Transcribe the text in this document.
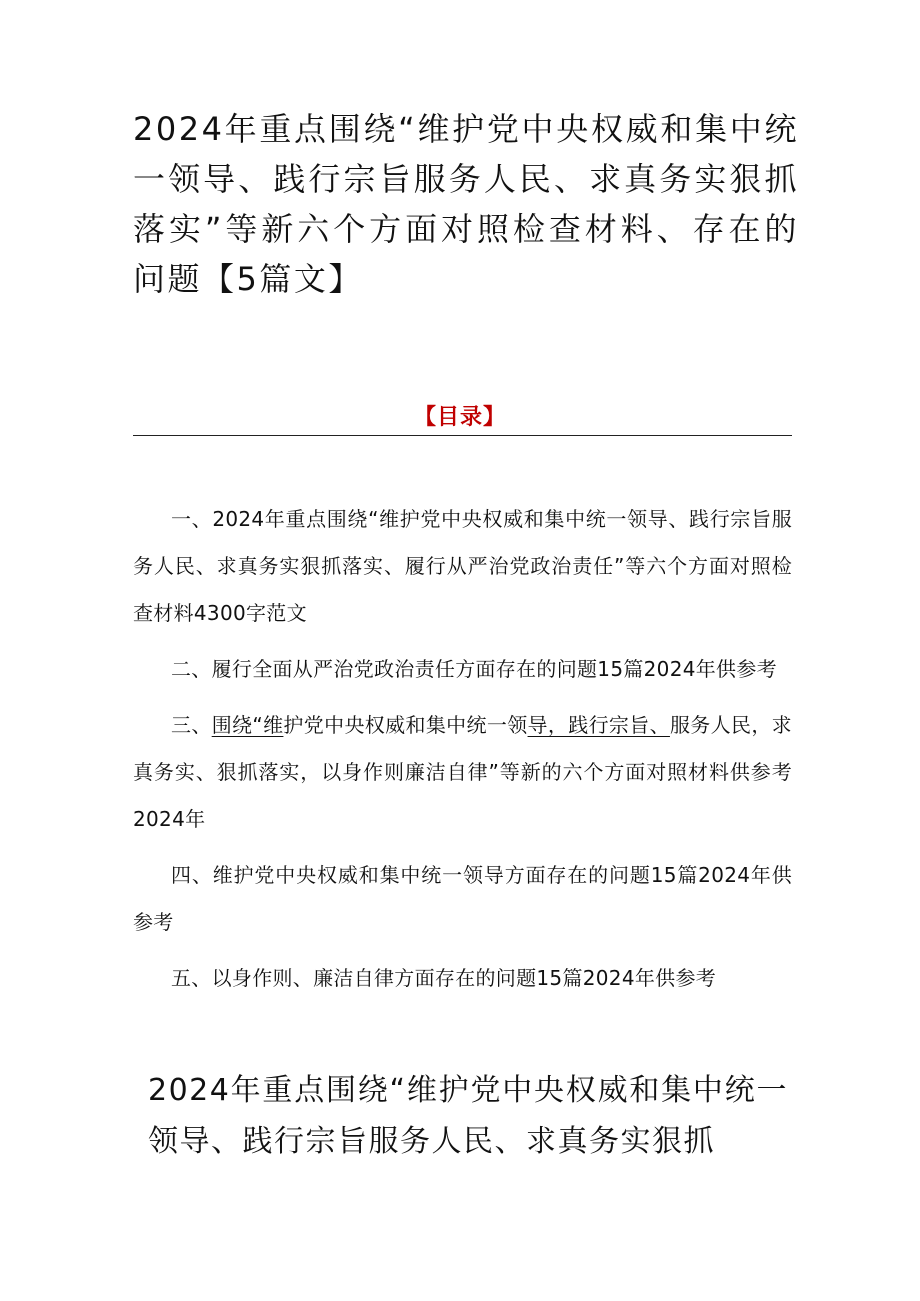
2024年重点围绕“维护党中央权威和集中统一领导、践行宗旨服务人民、求真务实狠抓落实”等新六个方面对照检查材料、存在的问题【5篇文】
【目录】
一、2024年重点围绕“维护党中央权威和集中统一领导、践行宗旨服务人民、求真务实狠抓落实、履行从严治党政治责任”等六个方面对照检查材料4300字范文
二、履行全面从严治党政治责任方面存在的问题15篇2024年供参考
三、围绕“维护党中央权威和集中统一领导，践行宗旨、服务人民，求真务实、狠抓落实，以身作则廉洁自律”等新的六个方面对照材料供参考2024年
四、维护党中央权威和集中统一领导方面存在的问题15篇2024年供参考
五、以身作则、廉洁自律方面存在的问题15篇2024年供参考
2024年重点围绕“维护党中央权威和集中统一领导、践行宗旨服务人民、求真务实狠抓
